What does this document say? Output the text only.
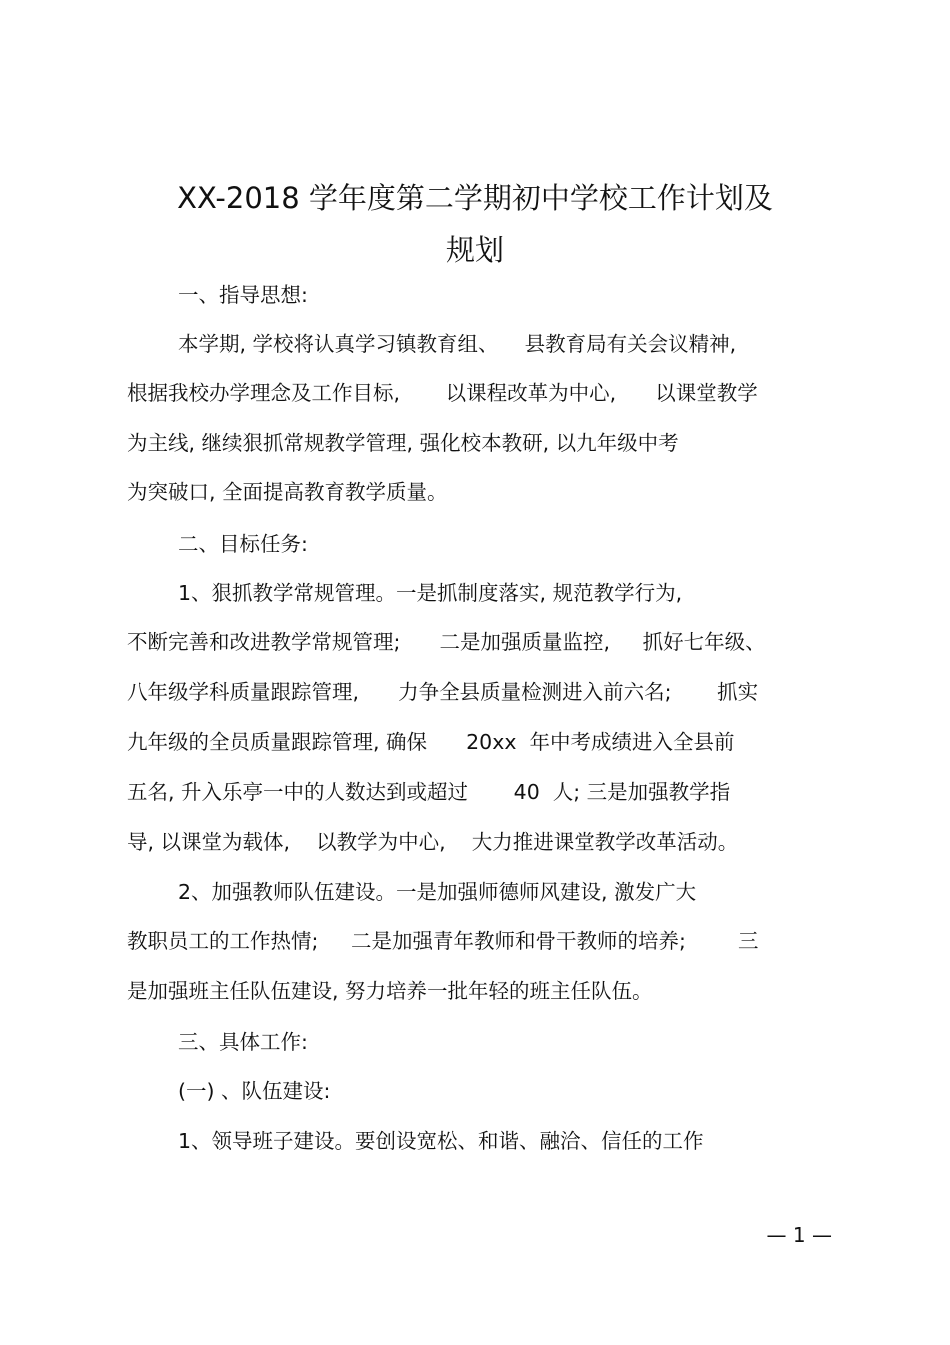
XX-2018 学年度第二学期初中学校工作计划及
规划
一、指导思想:
本学期, 学校将认真学习镇教育组、    县教育局有关会议精神,
根据我校办学理念及工作目标,       以课程改革为中心,      以课堂教学
为主线, 继续狠抓常规教学管理, 强化校本教研, 以九年级中考
为突破口, 全面提高教育教学质量。
二、目标任务:
1、狠抓教学常规管理。一是抓制度落实, 规范教学行为,
不断完善和改进教学常规管理;      二是加强质量监控,     抓好七年级、
八年级学科质量跟踪管理,      力争全县质量检测进入前六名;       抓实
九年级的全员质量跟踪管理, 确保      20xx  年中考成绩进入全县前
五名, 升入乐亭一中的人数达到或超过       40  人; 三是加强教学指
导, 以课堂为载体,    以教学为中心,    大力推进课堂教学改革活动。
2、加强教师队伍建设。一是加强师德师风建设, 激发广大
教职员工的工作热情;     二是加强青年教师和骨干教师的培养;        三
是加强班主任队伍建设, 努力培养一批年轻的班主任队伍。
三、具体工作:
(一) 、队伍建设:
1、领导班子建设。要创设宽松、和谐、融洽、信任的工作
— 1 —
